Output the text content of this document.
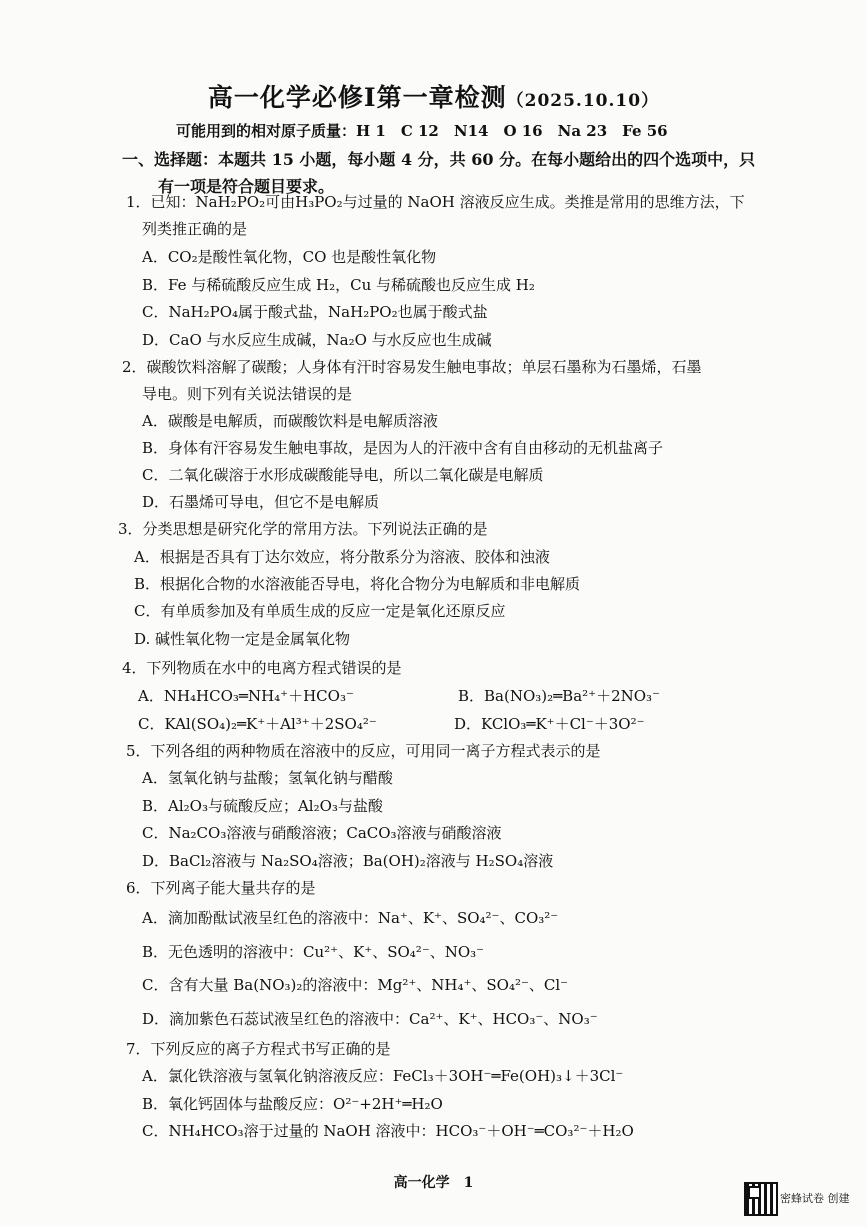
高一化学必修I第一章检测（2025.10.10）
可能用到的相对原子质量：H 1　C 12　N14　O 16　Na 23　Fe 56
一、选择题：本题共 15 小题，每小题 4 分，共 60 分。在每小题给出的四个选项中，只
有一项是符合题目要求。
1．已知：NaH₂PO₂可由H₃PO₂与过量的 NaOH 溶液反应生成。类推是常用的思维方法，下
列类推正确的是
A．CO₂是酸性氧化物，CO 也是酸性氧化物
B．Fe 与稀硫酸反应生成 H₂，Cu 与稀硫酸也反应生成 H₂
C．NaH₂PO₄属于酸式盐，NaH₂PO₂也属于酸式盐
D．CaO 与水反应生成碱，Na₂O 与水反应也生成碱
2．碳酸饮料溶解了碳酸；人身体有汗时容易发生触电事故；单层石墨称为石墨烯，石墨
导电。则下列有关说法错误的是
A．碳酸是电解质，而碳酸饮料是电解质溶液
B．身体有汗容易发生触电事故，是因为人的汗液中含有自由移动的无机盐离子
C．二氧化碳溶于水形成碳酸能导电，所以二氧化碳是电解质
D．石墨烯可导电，但它不是电解质
3．分类思想是研究化学的常用方法。下列说法正确的是
A．根据是否具有丁达尔效应，将分散系分为溶液、胶体和浊液
B．根据化合物的水溶液能否导电，将化合物分为电解质和非电解质
C．有单质参加及有单质生成的反应一定是氧化还原反应
D. 碱性氧化物一定是金属氧化物
4．下列物质在水中的电离方程式错误的是
A．NH₄HCO₃═NH₄⁺＋HCO₃⁻	B．Ba(NO₃)₂═Ba²⁺＋2NO₃⁻
C．KAl(SO₄)₂═K⁺＋Al³⁺＋2SO₄²⁻	D．KClO₃═K⁺＋Cl⁻＋3O²⁻
5．下列各组的两种物质在溶液中的反应，可用同一离子方程式表示的是
A．氢氧化钠与盐酸；氢氧化钠与醋酸
B．Al₂O₃与硫酸反应；Al₂O₃与盐酸
C．Na₂CO₃溶液与硝酸溶液；CaCO₃溶液与硝酸溶液
D．BaCl₂溶液与 Na₂SO₄溶液；Ba(OH)₂溶液与 H₂SO₄溶液
6．下列离子能大量共存的是
A．滴加酚酞试液呈红色的溶液中：Na⁺、K⁺、SO₄²⁻、CO₃²⁻
B．无色透明的溶液中：Cu²⁺、K⁺、SO₄²⁻、NO₃⁻
C．含有大量 Ba(NO₃)₂的溶液中：Mg²⁺、NH₄⁺、SO₄²⁻、Cl⁻
D．滴加紫色石蕊试液呈红色的溶液中：Ca²⁺、K⁺、HCO₃⁻、NO₃⁻
7．下列反应的离子方程式书写正确的是
A．氯化铁溶液与氢氧化钠溶液反应：FeCl₃＋3OH⁻═Fe(OH)₃↓＋3Cl⁻
B．氧化钙固体与盐酸反应：O²⁻+2H⁺═H₂O
C．NH₄HCO₃溶于过量的 NaOH 溶液中：HCO₃⁻＋OH⁻═CO₃²⁻＋H₂O
高一化学　1
密蜂试卷 创建
